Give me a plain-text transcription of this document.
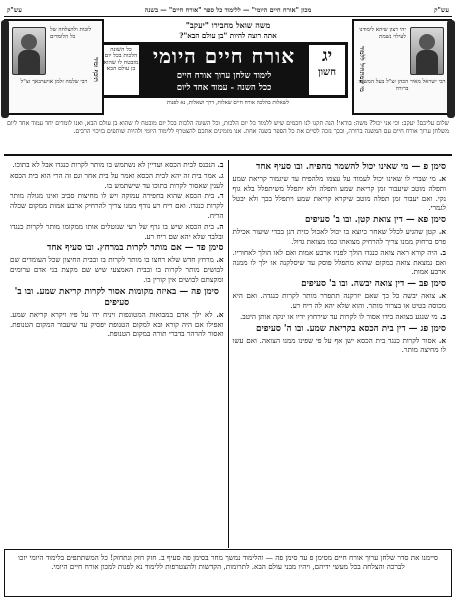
עש"ק
מכון "אורח חיים היומי" — ללימוד כל ספר "אורח חיים" — בשנה
עש"ק
יהי רצון שיהא לימודנו לעילוי נשמת
מי שמתחיל ללמוד
רבי ישראל מאיר הכהן זצ"ל בעל המשנה ברורה
משה שואל מחבירו "יעקב"
אתה רוצה להיות "בן עולם הבא"?
יג
חשון
אורח חיים היומי
לימוד שלחן ערוך אורח חיים
ככל השנה - עמוד אחד ליום
כל השונה הלכות בכל יום מובטח לו שהוא בן עולם הבא
לשאלות בהלכה אורח חיים שאלות, דרך ושאלות, נא לפנות
לזכות ולהצלחה של כל הלומדים
תיכף ומיד
רבי שלמה זלמן אויערבאך זצ"ל
שלום עליכם! יעקב: וכי אני יכול? משה: בודאי! הנה תקנו לנו חכמים שיש ללמוד כל יום הלכות, וכל השונה הלכות בכל יום מובטח לו שהוא בן עולם הבא, ואנו לומדים יחד עמוד אחד ליום משלחן ערוך אורח חיים עם המשנה ברורה, ובכך נזכה לסיים את כל הספר בשנה אחת. אנו מזמינים אתכם להצטרף ללימוד היומי ולהיות שותפים בזיכוי הרבים.
סימן פ — מי שאינו יכול להשמר מהפיח. ובו סעיף אחד
א. מי שברי לו שאינו יכול לעמוד על עצמו מלהפיח עד שיגמור קריאת שמע ותפלה מוטב שיעבור זמן קריאת שמע ותפלה ולא יתפלל משיתפלל בלא גוף נקי. ואם יעבור זמן תפלה מוטב שיקרא קריאת שמע ויתפלל בכך ולא יבטל לגמרי.
סימן פא — דין צואת קטן. ובו ב' סעיפים
א. קטן שהגיע לכלל שאחר כיוצא בו יכול לאכול כזית דגן בכדי שיעור אכילת פרס ברחוק ממנו צריך להרחיק מצואתו כמו מצואת גדול.
ב. היה קורא ראה צואה כנגדו הולך לפניו ארבע אמות ואם לאו הולך לאחוריו. ואם נמצאת צואה במקום שהוא מתפלל פוסק עד שיסלקנה או ילך לו ממנה ארבע אמות.
סימן פב — דין צואה יבשה. ובו ב' סעיפים
א. צואה יבשה כל כך שאם יזרקנה תתפרר מותר לקרות כנגדה. ואם היא מכוסה בטיט או בצרור מותר. והוא שלא יהא לה ריח רע.
ב. מי שנגע בצואה בידו אסור לו לקרות עד שירחוץ ידיו או ינקה אותן היטב.
סימן פג — דין בית הכסא בקריאת שמע. ובו ה' סעיפים
א. אסור לקרות כנגד בית הכסא ישן אף על פי שפינו ממנו הצואה. ואם עשו לו מחיצה מותר.
ב. הנכנס לבית הכסא ועדיין לא נשתמש בו מותר לקרות כנגדו אבל לא בתוכו.
ג. אמר בית זה יהא לבית הכסא ואמר על בית אחר וגם זה הרי הוא בית הכסא לענין שאסור לקרות בתוכו עד שישתמש בו.
ד. בית הכסא שהוא בחפירה עמוקה ויש לו מחיצות סביב ואינו מגולה מותר לקרות כנגדו. ואם ריח רע נודף ממנו צריך להרחיק ארבע אמות ממקום שכלה הריח.
ה. בית הכסא שיש בו גרף של רעי שנוטלים אותו ממקומו מותר לקרות כנגדו ובלבד שלא יהא שם ריח רע.
סימן פד — אם מותר לקרות במרחץ. ובו סעיף אחד
א. מרחץ חדש שלא רחצו בו מותר לקרות בו ובבית החיצון שכל העומדים שם לבושים מותר לקרות בו ובבית האמצעי שיש שם מקצת בני אדם ערומים ומקצתם לבושים אין קורין בו.
סימן פה — באיזה מקומות אסור לקרות קריאת שמע. ובו ב' סעיפים
א. לא ילך אדם במבואות המטונפות ויניח ידו על פיו ויקרא קריאת שמע. ואפילו אם היה קורא ובא למקום הטנופת יפסיק עד שיעבור המקום הטנופת. ואסור להרהר בדברי תורה במקום הטנופת.
סיימנו את סדר שלחן ערוך אורח חיים מסימן פ עד סימן פה — והלימוד נמשך מחר בסימן פה סעיף ב. חזק חזק ונתחזק! כל המשתתפים בלימוד היומי יזכו לברכה והצלחה בכל מעשי ידיהם, ויהיו מבני עולם הבא. לתרומות, הקדשות ולהצטרפות ללימוד נא לפנות למכון אורח חיים היומי.
